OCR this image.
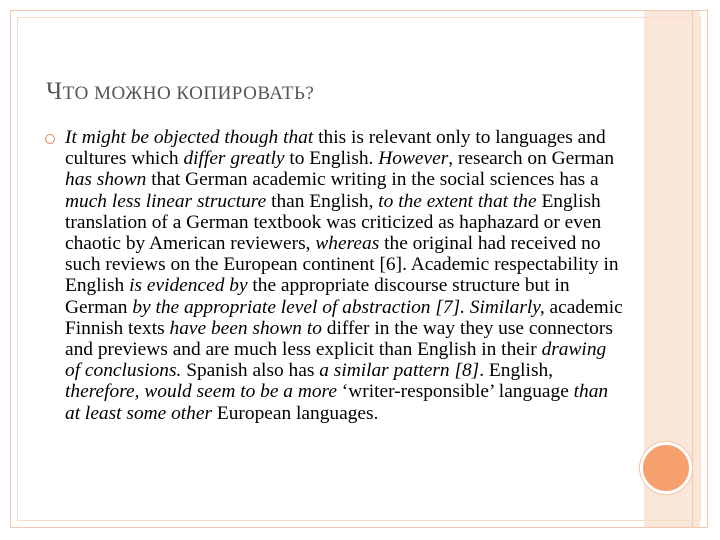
ЧТО МОЖНО КОПИРОВАТЬ?
It might be objected though that this is relevant only to languages and cultures which differ greatly to English. However, research on German has shown that German academic writing in the social sciences has a much less linear structure than English, to the extent that the English translation of a German textbook was criticized as haphazard or even chaotic by American reviewers, whereas the original had received no such reviews on the European continent [6]. Academic respectability in English is evidenced by the appropriate discourse structure but in German by the appropriate level of abstraction [7]. Similarly, academic Finnish texts have been shown to differ in the way they use connectors and previews and are much less explicit than English in their drawing of conclusions. Spanish also has a similar pattern [8]. English, therefore, would seem to be a more ‘writer-responsible’ language than at least some other European languages.
